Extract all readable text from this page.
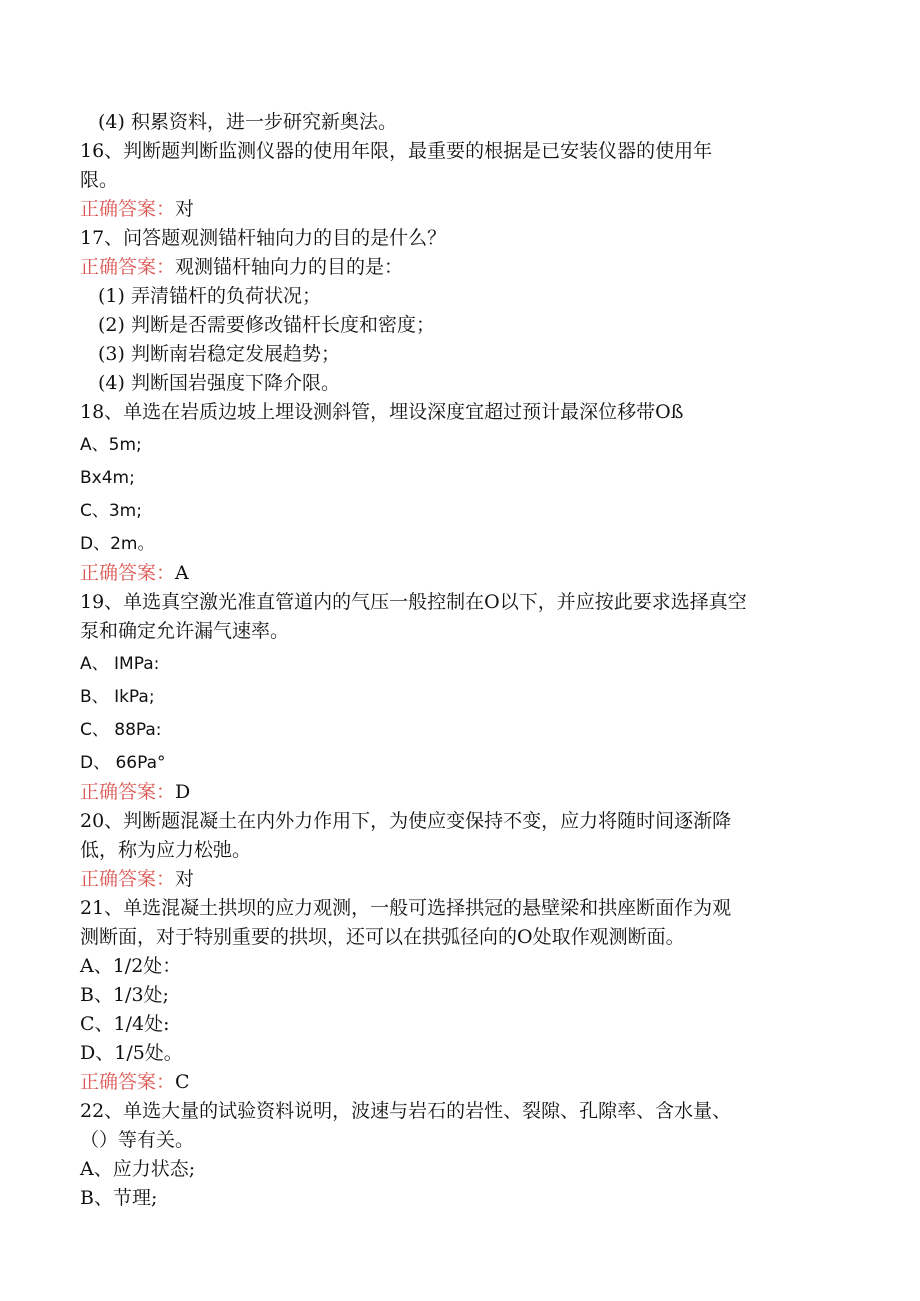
(4) 积累资料，进一步研究新奥法。
16、判断题判断监测仪器的使用年限，最重要的根据是已安装仪器的使用年
限。
正确答案：对
17、问答题观测锚杆轴向力的目的是什么？
正确答案：观测锚杆轴向力的目的是：
(1) 弄清锚杆的负荷状况；
(2) 判断是否需要修改锚杆长度和密度；
(3) 判断南岩稳定发展趋势；
(4) 判断国岩强度下降介限。
18、单选在岩质边坡上埋设测斜管，埋设深度宜超过预计最深位移带Oß
A、5m;
Bx4m;
C、3m;
D、2m。
正确答案：A
19、单选真空激光准直管道内的气压一般控制在O以下，并应按此要求选择真空
泵和确定允许漏气速率。
A、 IMPa:
B、 IkPa;
C、 88Pa:
D、 66Pa°
正确答案：D
20、判断题混凝土在内外力作用下，为使应变保持不变，应力将随时间逐渐降
低，称为应力松弛。
正确答案：对
21、单选混凝土拱坝的应力观测，一般可选择拱冠的悬壁梁和拱座断面作为观
测断面，对于特别重要的拱坝，还可以在拱弧径向的O处取作观测断面。
A、1/2处：
B、1/3处;
C、1/4处:
D、1/5处。
正确答案：C
22、单选大量的试验资料说明，波速与岩石的岩性、裂隙、孔隙率、含水量、
（）等有关。
A、应力状态;
B、节理;
